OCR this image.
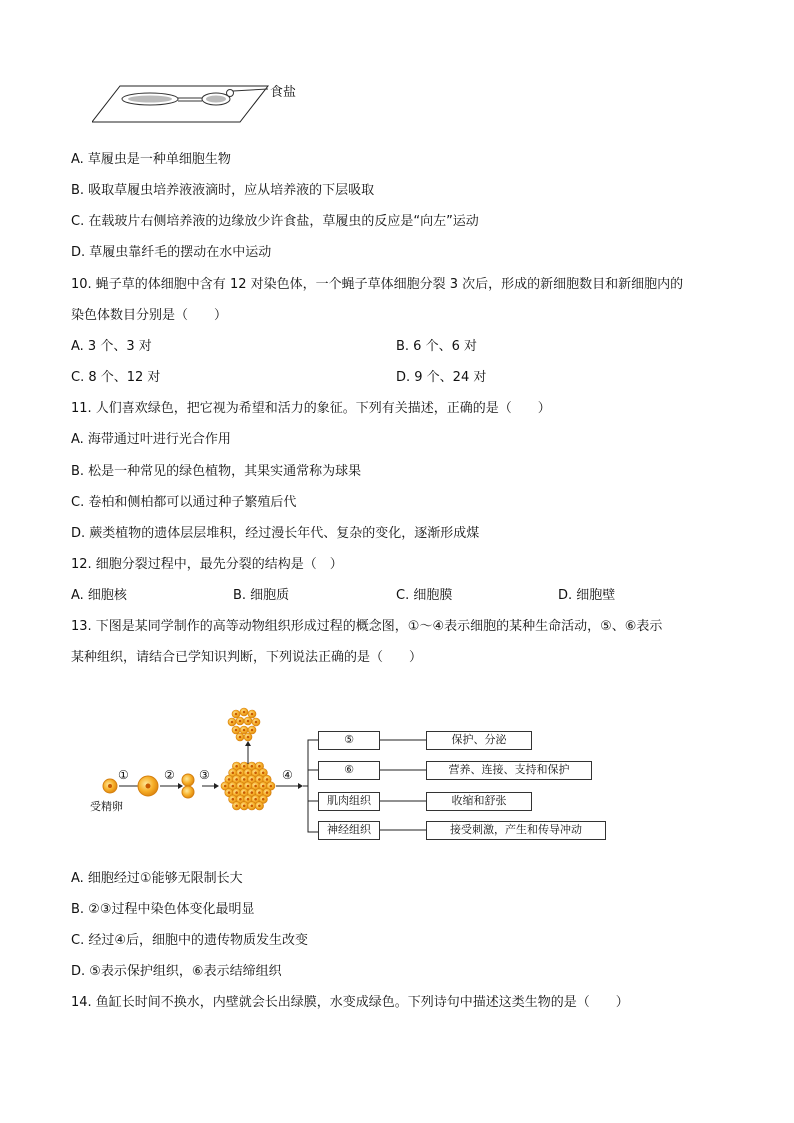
食盐
A. 草履虫是一种单细胞生物
B. 吸取草履虫培养液液滴时，应从培养液的下层吸取
C. 在载玻片右侧培养液的边缘放少许食盐，草履虫的反应是“向左”运动
D. 草履虫靠纤毛的摆动在水中运动
10. 蝇子草的体细胞中含有 12 对染色体，一个蝇子草体细胞分裂 3 次后，形成的新细胞数目和新细胞内的
染色体数目分别是（　　）
A. 3 个、3 对	B. 6 个、6 对
C. 8 个、12 对	D. 9 个、24 对
11. 人们喜欢绿色，把它视为希望和活力的象征。下列有关描述，正确的是（　　）
A. 海带通过叶进行光合作用
B. 松是一种常见的绿色植物，其果实通常称为球果
C. 卷柏和侧柏都可以通过种子繁殖后代
D. 蕨类植物的遗体层层堆积，经过漫长年代、复杂的变化，逐渐形成煤
12. 细胞分裂过程中，最先分裂的结构是（　）
A. 细胞核	B. 细胞质	C. 细胞膜	D. 细胞壁
13. 下图是某同学制作的高等动物组织形成过程的概念图，①～④表示细胞的某种生命活动，⑤、⑥表示
某种组织，请结合已学知识判断，下列说法正确的是（　　）
①	② ③	④
受精卵
⑤
⑥
肌肉组织
神经组织
保护、分泌
营养、连接、支持和保护
收缩和舒张
接受刺激，产生和传导冲动
A. 细胞经过①能够无限制长大
B. ②③过程中染色体变化最明显
C. 经过④后，细胞中的遗传物质发生改变
D. ⑤表示保护组织，⑥表示结缔组织
14. 鱼缸长时间不换水，内壁就会长出绿膜，水变成绿色。下列诗句中描述这类生物的是（　　）
